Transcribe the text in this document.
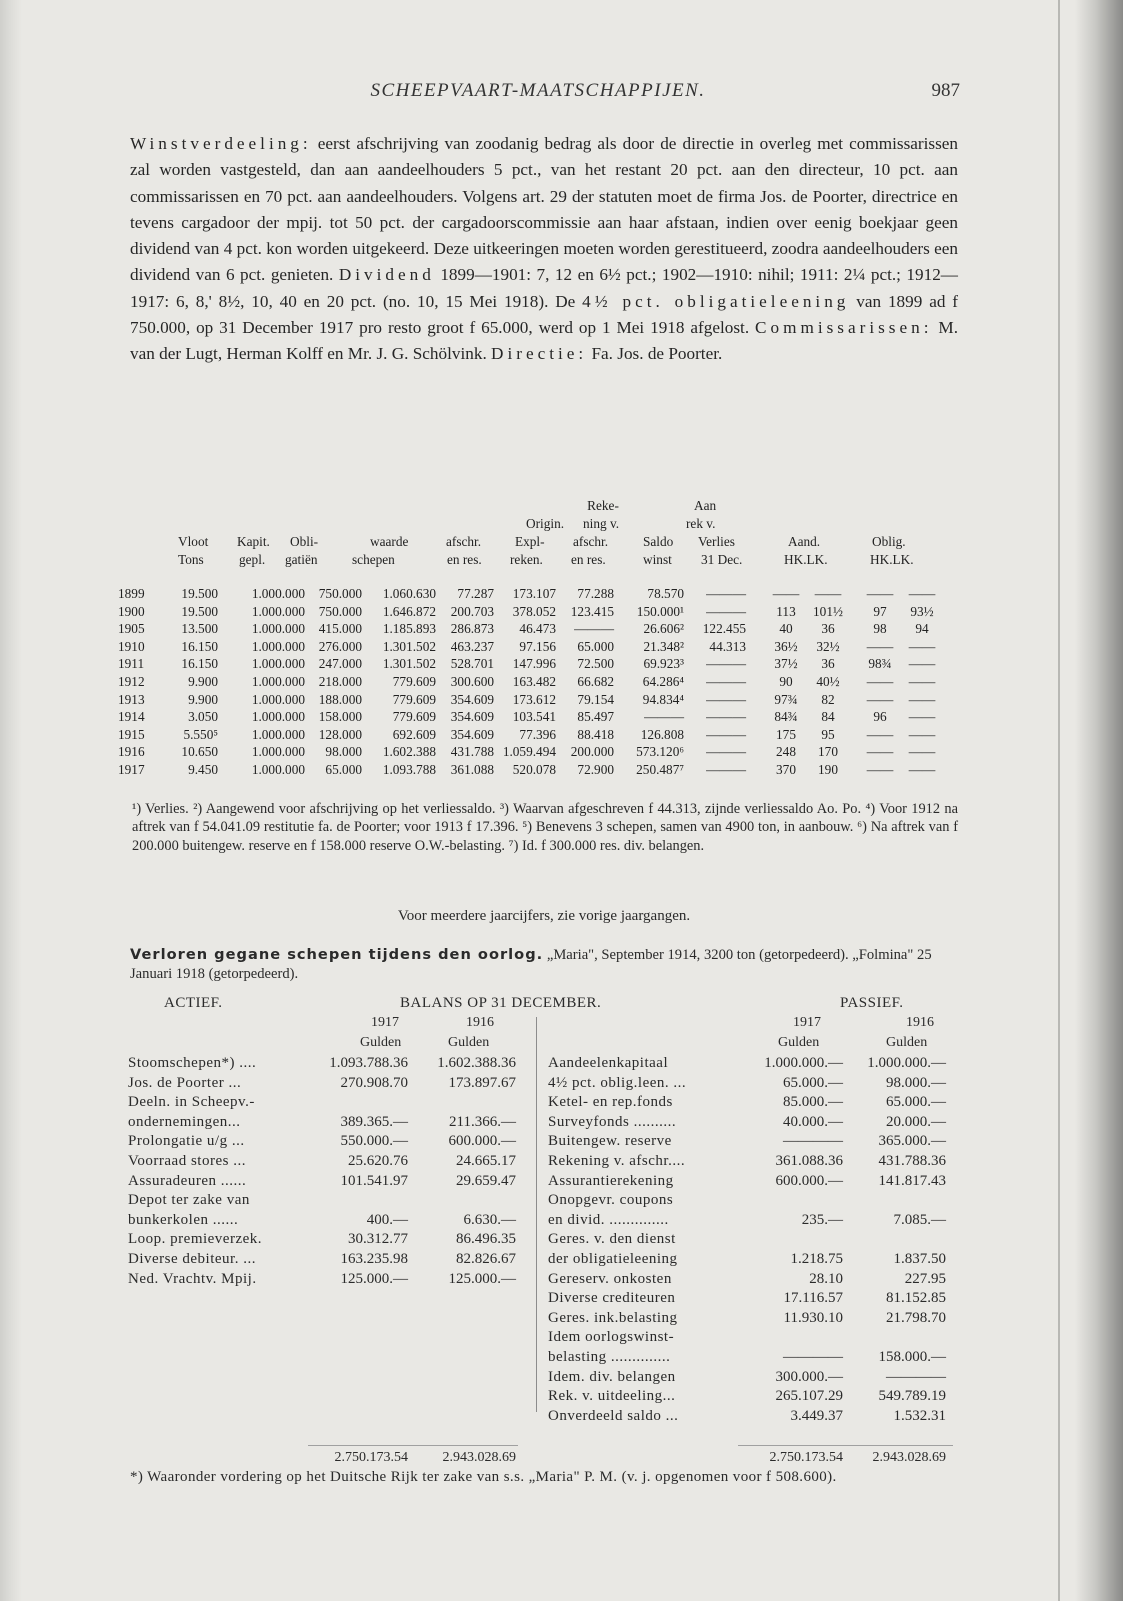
SCHEEPVAART-MAATSCHAPPIJEN.	987
Winstverdeeling: eerst afschrijving van zoodanig bedrag als door de directie in overleg met commissarissen zal worden vastgesteld, dan aan aandeelhouders 5 pct., van het restant 20 pct. aan den directeur, 10 pct. aan commissarissen en 70 pct. aan aandeelhouders. Volgens art. 29 der statuten moet de firma Jos. de Poorter, directrice en tevens cargadoor der mpij. tot 50 pct. der cargadoorscommissie aan haar afstaan, indien over eenig boekjaar geen dividend van 4 pct. kon worden uitgekeerd. Deze uitkeeringen moeten worden gerestitueerd, zoodra aandeelhouders een dividend van 6 pct. genieten. Dividend 1899—1901: 7, 12 en 6½ pct.; 1902—1910: nihil; 1911: 2¼ pct.; 1912—1917: 6, 8,' 8½, 10, 40 en 20 pct. (no. 10, 15 Mei 1918). De 4½ pct. obligatieleening van 1899 ad f 750.000, op 31 December 1917 pro resto groot f 65.000, werd op 1 Mei 1918 afgelost. Commissarissen: M. van der Lugt, Herman Kolff en Mr. J. G. Schölvink. Directie: Fa. Jos. de Poorter.
Reke-	Aan
Origin. ning v.	rek v.
Vloot Kapit. Obli-	waarde	afschr.	Expl- afschr.	Saldo Verlies	Aand.	Oblig.
Tons	gepl. gatiën	schepen	en res. reken. en res.	winst 31 Dec.	HK.LK.	HK.LK.
1899	19.500	1.000.000	750.000	1.060.630	77.287	173.107	77.288	78.570	———	——	——	——	——
1900	19.500	1.000.000	750.000	1.646.872	200.703	378.052	123.415	150.000¹	———	113	101½	97	93½
1905	13.500	1.000.000	415.000	1.185.893	286.873	46.473	———	26.606²	122.455	40	36	98	94
1910	16.150	1.000.000	276.000	1.301.502	463.237	97.156	65.000	21.348²	44.313	36½	32½	——	——
1911	16.150	1.000.000	247.000	1.301.502	528.701	147.996	72.500	69.923³	———	37½	36	98¾	——
1912	9.900	1.000.000	218.000	779.609	300.600	163.482	66.682	64.286⁴	———	90	40½	——	——
1913	9.900	1.000.000	188.000	779.609	354.609	173.612	79.154	94.834⁴	———	97¾	82	——	——
1914	3.050	1.000.000	158.000	779.609	354.609	103.541	85.497	———	———	84¾	84	96	——
1915	5.550⁵	1.000.000	128.000	692.609	354.609	77.396	88.418	126.808	———	175	95	——	——
1916	10.650	1.000.000	98.000	1.602.388	431.788 1.059.494	200.000	573.120⁶	———	248	170	——	——
1917	9.450	1.000.000	65.000	1.093.788	361.088	520.078	72.900	250.487⁷	———	370	190	——	——
¹) Verlies. ²) Aangewend voor afschrijving op het verliessaldo. ³) Waarvan afgeschreven f 44.313, zijnde verliessaldo Ao. Po. ⁴) Voor 1912 na aftrek van f 54.041.09 restitutie fa. de Poorter; voor 1913 f 17.396. ⁵) Benevens 3 schepen, samen van 4900 ton, in aanbouw. ⁶) Na aftrek van f 200.000 buitengew. reserve en f 158.000 reserve O.W.-belasting. ⁷) Id. f 300.000 res. div. belangen.
Voor meerdere jaarcijfers, zie vorige jaargangen.
Verloren gegane schepen tijdens den oorlog. „Maria", September 1914, 3200 ton (getorpedeerd). „Folmina" 25 Januari 1918 (getorpedeerd).
ACTIEF.	BALANS OP 31 DECEMBER.	PASSIEF.
1917	1916
Gulden	Gulden
1917	1916
Gulden	Gulden
Stoomschepen*) ....	1.093.788.36	1.602.388.36
Jos. de Poorter ...	270.908.70	173.897.67
Deeln. in Scheepv.-
ondernemingen...	389.365.—	211.366.—
Prolongatie u/g ...	550.000.—	600.000.—
Voorraad stores ...	25.620.76	24.665.17
Assuradeuren ......	101.541.97	29.659.47
Depot ter zake van
bunkerkolen ......	400.—	6.630.—
Loop. premieverzek.	30.312.77	86.496.35
Diverse debiteur. ...	163.235.98	82.826.67
Ned. Vrachtv. Mpij.	125.000.—	125.000.—
Aandeelenkapitaal	1.000.000.—	1.000.000.—
4½ pct. oblig.leen. ...	65.000.—	98.000.—
Ketel- en rep.fonds	85.000.—	65.000.—
Surveyfonds ..........	40.000.—	20.000.—
Buitengew. reserve	————	365.000.—
Rekening v. afschr....	361.088.36	431.788.36
Assurantierekening	600.000.—	141.817.43
Onopgevr. coupons
en divid. ..............	235.—	7.085.—
Geres. v. den dienst
der obligatieleening	1.218.75	1.837.50
Gereserv. onkosten	28.10	227.95
Diverse crediteuren	17.116.57	81.152.85
Geres. ink.belasting	11.930.10	21.798.70
Idem oorlogswinst-
belasting ..............	————	158.000.—
Idem. div. belangen	300.000.—	————
Rek. v. uitdeeling...	265.107.29	549.789.19
Onverdeeld saldo ...	3.449.37	1.532.31
2.750.173.54	2.943.028.69	2.750.173.54	2.943.028.69
*) Waaronder vordering op het Duitsche Rijk ter zake van s.s. „Maria" P. M. (v. j. opgenomen voor f 508.600).
